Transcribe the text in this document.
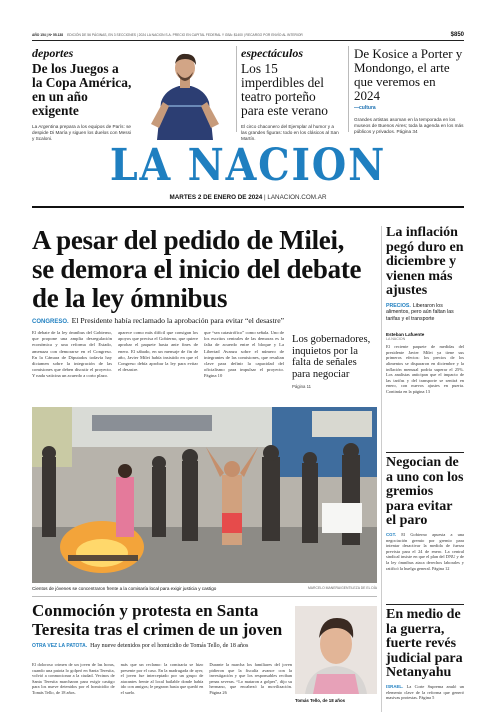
AÑO 154 | Nº 55.138 EDICIÓN DE 56 PÁGINAS, EN 3 SECCIONES | 2024 LA NACION S.A. PRECIO EN CAPITAL FEDERAL Y GBA: $1400 | RECARGO POR ENVÍO AL INTERIOR	$850
deportes
De los Juegos a la Copa América, en un año exigente
La Argentina prepara a los equipos de París: se despide Di María y siguen los duelos con Messi y Scaloni.
espectáculos
Los 15 imperdibles del teatro porteño para este verano
El circo chaconero del Ejemplar al humor y a las grandes figuras: todo en los clásicos al San Martín.
De Kosice a Porter y Mondongo, el arte que veremos en 2024
—cultura
Grandes artistas asoman en la temporada en los museos de Buenos Aires; toda la agenda en los más públicos y privados. Página 34
LA NACION
MARTES 2 DE ENERO DE 2024 | LANACION.COM.AR
A pesar del pedido de Milei, se demora el inicio del debate de la ley ómnibus
CONGRESO. El Presidente había reclamado la aprobación para evitar “el desastre”
El debate de la ley ómnibus del Gobierno, que propone una amplia desregulación económica y una reforma del Estado, amenaza con demorarse en el Congreso. En la Cámara de Diputados todavía hay dictamen sobre la integración de las comisiones que deben discutir el proyecto. Y nada vaticina un acuerdo a corto plazo.
aparece como más difícil que consigan los apoyos que precisa el Gobierno, que quiere aprobar el paquete hasta ante fines de enero. El sábado, en un mensaje de fin de año, Javier Milei había insistido en que el Congreso debía aprobar la ley para evitar el desastre.
que “sea catastrófico” como señala. Uno de los escritos centrales de las demoras es la falta de acuerdo entre el bloque y La Libertad Avanza sobre el número de integrantes de las comisiones, que resultan clave para definir la capacidad del oficialismo para impulsar el proyecto. Página 10
Los gobernadores, inquietos por la falta de señales para negociar
Página 11
Cientos de jóvenes se concentraron frente a la comisaría local para exigir justicia y castigo	MARCELO MANERA/GENTILEZA DE EL DÍA
Conmoción y protesta en Santa Teresita tras el crimen de un joven
OTRA VEZ LA PATOTA. Hay nueve detenidos por el homicidio de Tomás Tello, de 18 años
El doloroso crimen de un joven de las horas, cuando una patota lo golpeó en Santa Teresita, volvió a conmocionar a la ciudad. Vecinos de Santa Teresita marcharon para exigir castigo para los nueve detenidos por el homicidio de Tomás Tello, de 18 años.
más que un reclamo: la comisaría se hizo presente por el caso. En la madrugada de ayer, el joven fue interceptado por un grupo de atacantes frente al local bailable donde había ido con amigos; le pegaron hasta que quedó en el suelo.
Durante la marcha los familiares del joven pidieron que la fiscalía avance con la investigación y que los responsables reciban penas severas. “Lo mataron a golpes”, dijo su hermano, que encabezó la movilización. Página 26
Tomás Tello, de 18 años
La inflación pegó duro en diciembre y vienen más ajustes
PRECIOS. Liberaron los alimentos, pero aún faltan las tarifas y el transporte
Esteban Lafuente
LA NACION
El reciente paquete de medidas del presidente Javier Milei ya tiene sus primeros efectos: los precios de los alimentos se dispararon en diciembre y la inflación mensual podría superar el 25%. Los analistas anticipan que el impacto de las tarifas y del transporte se sentirá en enero, con nuevos ajustes en puerta. Continúa en la página 13
Negocian de a uno con los gremios para evitar el paro
CGT. El Gobierno apuesta a una negociación gremio por gremio para intentar desactivar la medida de fuerza prevista para el 24 de enero. La central sindical insiste en que el plan del DNU y de la ley ómnibus ataca derechos laborales y ratificó la huelga general. Página 12
En medio de la guerra, fuerte revés judicial para Netanyahu
ISRAEL. La Corte Suprema anuló un elemento clave de la reforma que generó masivas protestas. Página 5
